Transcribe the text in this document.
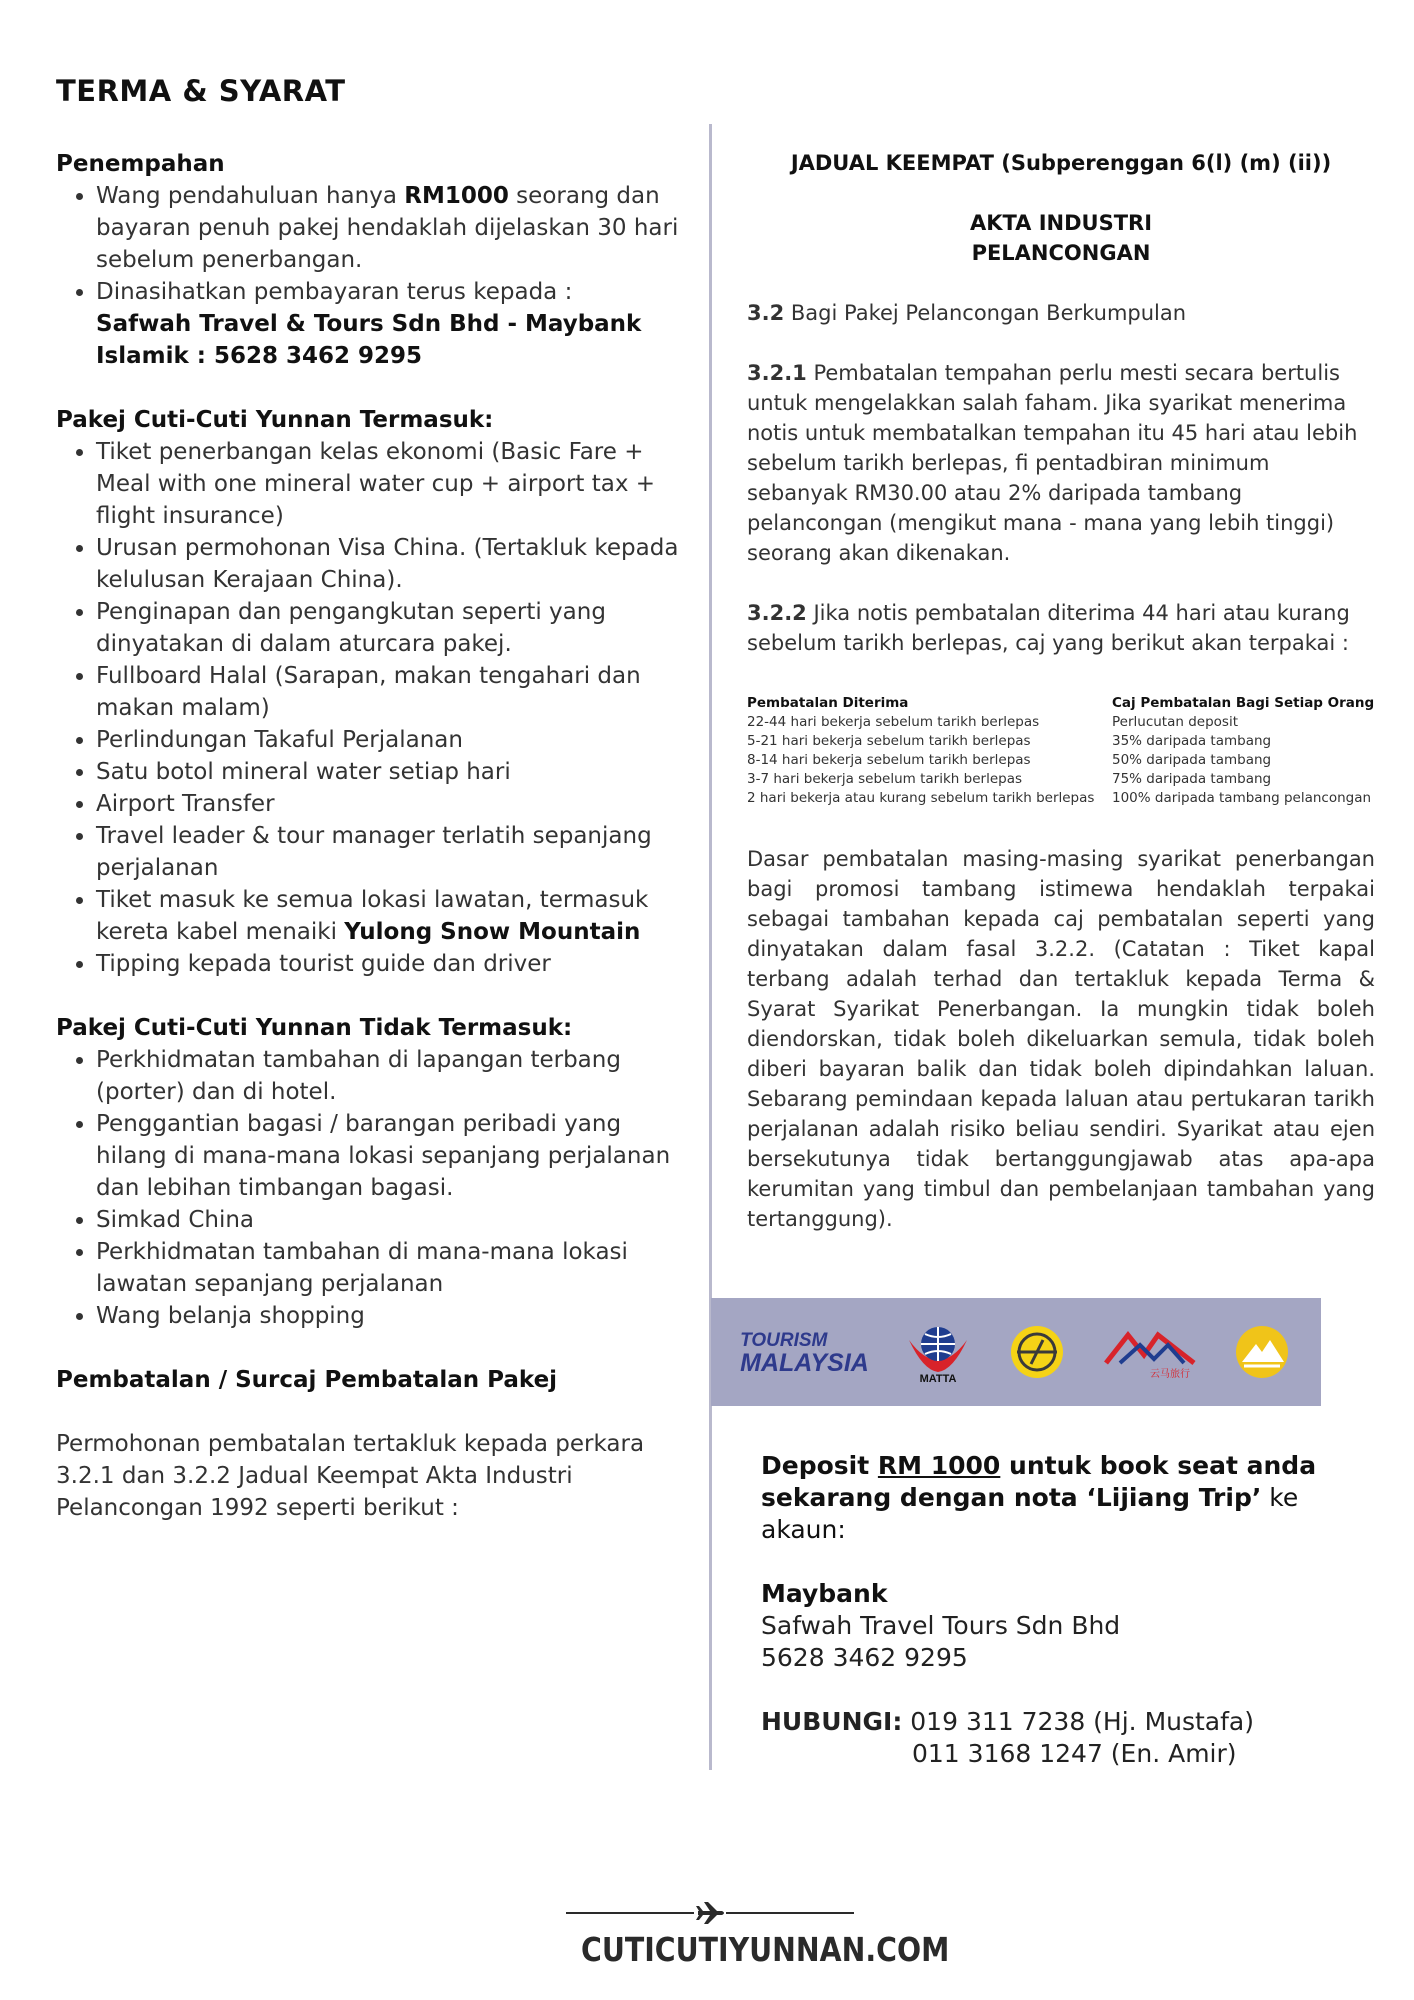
TERMA & SYARAT

Penempahan

• Wang pendahuluan hanya RM1000 seorang dan bayaran penuh pakej hendaklah dijelaskan 30 hari sebelum penerbangan.
• Dinasihatkan pembayaran terus kepada :
Safwah Travel & Tours Sdn Bhd - Maybank Islamik : 5628 3462 9295

Pakej Cuti-Cuti Yunnan Termasuk:

• Tiket penerbangan kelas ekonomi (Basic Fare + Meal with one mineral water cup + airport tax + flight insurance)
• Urusan permohonan Visa China. (Tertakluk kepada kelulusan Kerajaan China).
• Penginapan dan pengangkutan seperti yang dinyatakan di dalam aturcara pakej.
• Fullboard Halal (Sarapan, makan tengahari dan makan malam)
• Perlindungan Takaful Perjalanan
• Satu botol mineral water setiap hari
• Airport Transfer
• Travel leader & tour manager terlatih sepanjang perjalanan
• Tiket masuk ke semua lokasi lawatan, termasuk kereta kabel menaiki Yulong Snow Mountain
• Tipping kepada tourist guide dan driver

Pakej Cuti-Cuti Yunnan Tidak Termasuk:

• Perkhidmatan tambahan di lapangan terbang (porter) dan di hotel.
• Penggantian bagasi / barangan peribadi yang hilang di mana-mana lokasi sepanjang perjalanan dan lebihan timbangan bagasi.
• Simkad China
• Perkhidmatan tambahan di mana-mana lokasi lawatan sepanjang perjalanan
• Wang belanja shopping

Pembatalan / Surcaj Pembatalan Pakej

Permohonan pembatalan tertakluk kepada perkara 3.2.1 dan 3.2.2 Jadual Keempat Akta Industri Pelancongan 1992 seperti berikut :

JADUAL KEEMPAT (Subperenggan 6(l) (m) (ii))

AKTA INDUSTRI

PELANCONGAN

3.2 Bagi Pakej Pelancongan Berkumpulan

3.2.1 Pembatalan tempahan perlu mesti secara bertulis untuk mengelakkan salah faham. Jika syarikat menerima notis untuk membatalkan tempahan itu 45 hari atau lebih sebelum tarikh berlepas, fi pentadbiran minimum sebanyak RM30.00 atau 2% daripada tambang pelancongan (mengikut mana - mana yang lebih tinggi) seorang akan dikenakan.

3.2.2 Jika notis pembatalan diterima 44 hari atau kurang sebelum tarikh berlepas, caj yang berikut akan terpakai :

Pembatalan Diterima	Caj Pembatalan Bagi Setiap Orang
22-44 hari bekerja sebelum tarikh berlepas	Perlucutan deposit
5-21 hari bekerja sebelum tarikh berlepas	35% daripada tambang
8-14 hari bekerja sebelum tarikh berlepas	50% daripada tambang
3-7 hari bekerja sebelum tarikh berlepas	75% daripada tambang
2 hari bekerja atau kurang sebelum tarikh berlepas	100% daripada tambang pelancongan

Dasar pembatalan masing-masing syarikat penerbangan bagi promosi tambang istimewa hendaklah terpakai sebagai tambahan kepada caj pembatalan seperti yang dinyatakan dalam fasal 3.2.2. (Catatan : Tiket kapal terbang adalah terhad dan tertakluk kepada Terma & Syarat Syarikat Penerbangan. Ia mungkin tidak boleh diendorskan, tidak boleh dikeluarkan semula, tidak boleh diberi bayaran balik dan tidak boleh dipindahkan laluan. Sebarang pemindaan kepada laluan atau pertukaran tarikh perjalanan adalah risiko beliau sendiri. Syarikat atau ejen bersekutunya tidak bertanggungjawab atas apa-apa kerumitan yang timbul dan pembelanjaan tambahan yang tertanggung).

TOURISM
MALAYSIA
MATTA	云马旅行

Deposit RM 1000 untuk book seat anda sekarang dengan nota ‘Lijiang Trip’ ke akaun:

Maybank

Safwah Travel Tours Sdn Bhd

5628 3462 9295

HUBUNGI: 019 311 7238 (Hj. Mustafa)

011 3168 1247 (En. Amir)

CUTICUTIYUNNAN.COM
